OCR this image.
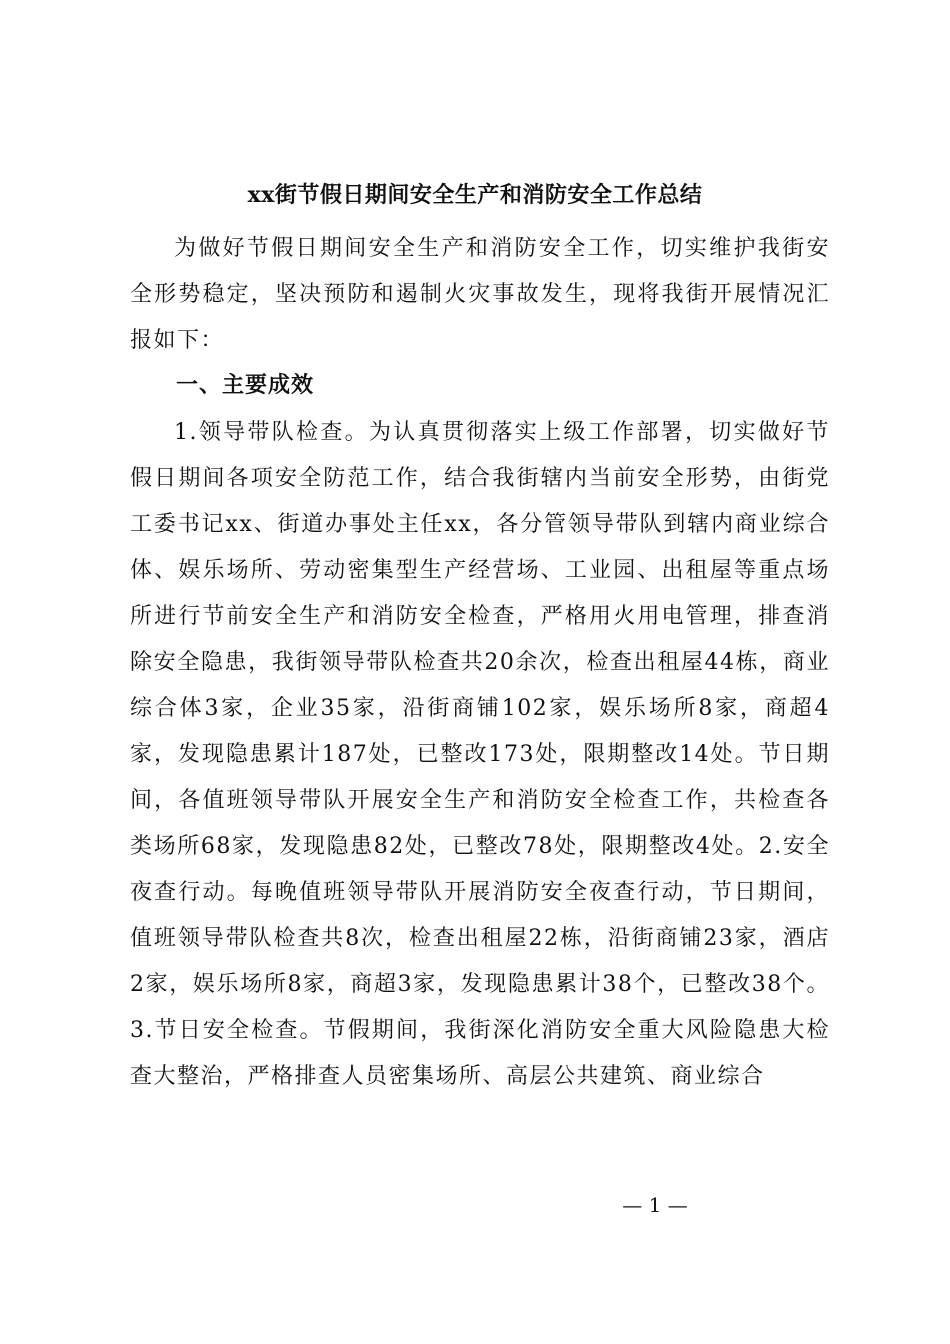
xx街节假日期间安全生产和消防安全工作总结

为做好节假日期间安全生产和消防安全工作，切实维护我街安全形势稳定，坚决预防和遏制火灾事故发生，现将我街开展情况汇报如下：

一、主要成效

1.领导带队检查。为认真贯彻落实上级工作部署，切实做好节假日期间各项安全防范工作，结合我街辖内当前安全形势，由街党工委书记xx、街道办事处主任xx，各分管领导带队到辖内商业综合体、娱乐场所、劳动密集型生产经营场、工业园、出租屋等重点场所进行节前安全生产和消防安全检查，严格用火用电管理，排查消除安全隐患，我街领导带队检查共20余次，检查出租屋44栋，商业综合体3家，企业35家，沿街商铺102家，娱乐场所8家，商超4家，发现隐患累计187处，已整改173处，限期整改14处。节日期间，各值班领导带队开展安全生产和消防安全检查工作，共检查各类场所68家，发现隐患82处，已整改78处，限期整改4处。2.安全夜查行动。每晚值班领导带队开展消防安全夜查行动，节日期间，值班领导带队检查共8次，检查出租屋22栋，沿街商铺23家，酒店2家，娱乐场所8家，商超3家，发现隐患累计38个，已整改38个。3.节日安全检查。节假期间，我街深化消防安全重大风险隐患大检查大整治，严格排查人员密集场所、高层公共建筑、商业综合

— 1 —
